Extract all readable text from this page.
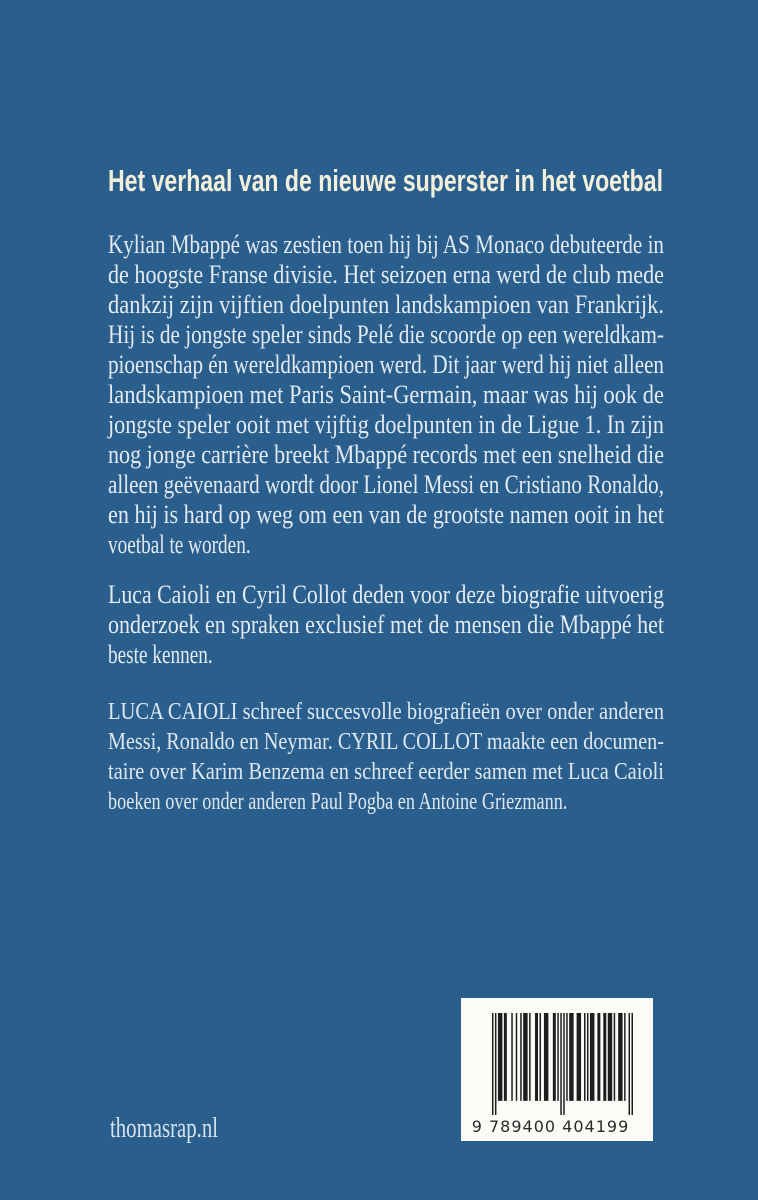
Het verhaal van de nieuwe superster in het voetbal
Kylian Mbappé was zestien toen hij bij AS Monaco debuteerde in
de hoogste Franse divisie. Het seizoen erna werd de club mede
dankzij zijn vijftien doelpunten landskampioen van Frankrijk.
Hij is de jongste speler sinds Pelé die scoorde op een wereldkam-
pioenschap én wereldkampioen werd. Dit jaar werd hij niet alleen
landskampioen met Paris Saint-Germain, maar was hij ook de
jongste speler ooit met vijftig doelpunten in de Ligue 1. In zijn
nog jonge carrière breekt Mbappé records met een snelheid die
alleen geëvenaard wordt door Lionel Messi en Cristiano Ronaldo,
en hij is hard op weg om een van de grootste namen ooit in het
voetbal te worden.
Luca Caioli en Cyril Collot deden voor deze biografie uitvoerig
onderzoek en spraken exclusief met de mensen die Mbappé het
beste kennen.
LUCA CAIOLI schreef succesvolle biografieën over onder anderen
Messi, Ronaldo en Neymar. CYRIL COLLOT maakte een documen-
taire over Karim Benzema en schreef eerder samen met Luca Caioli
boeken over onder anderen Paul Pogba en Antoine Griezmann.
thomasrap.nl	9 789400 404199
